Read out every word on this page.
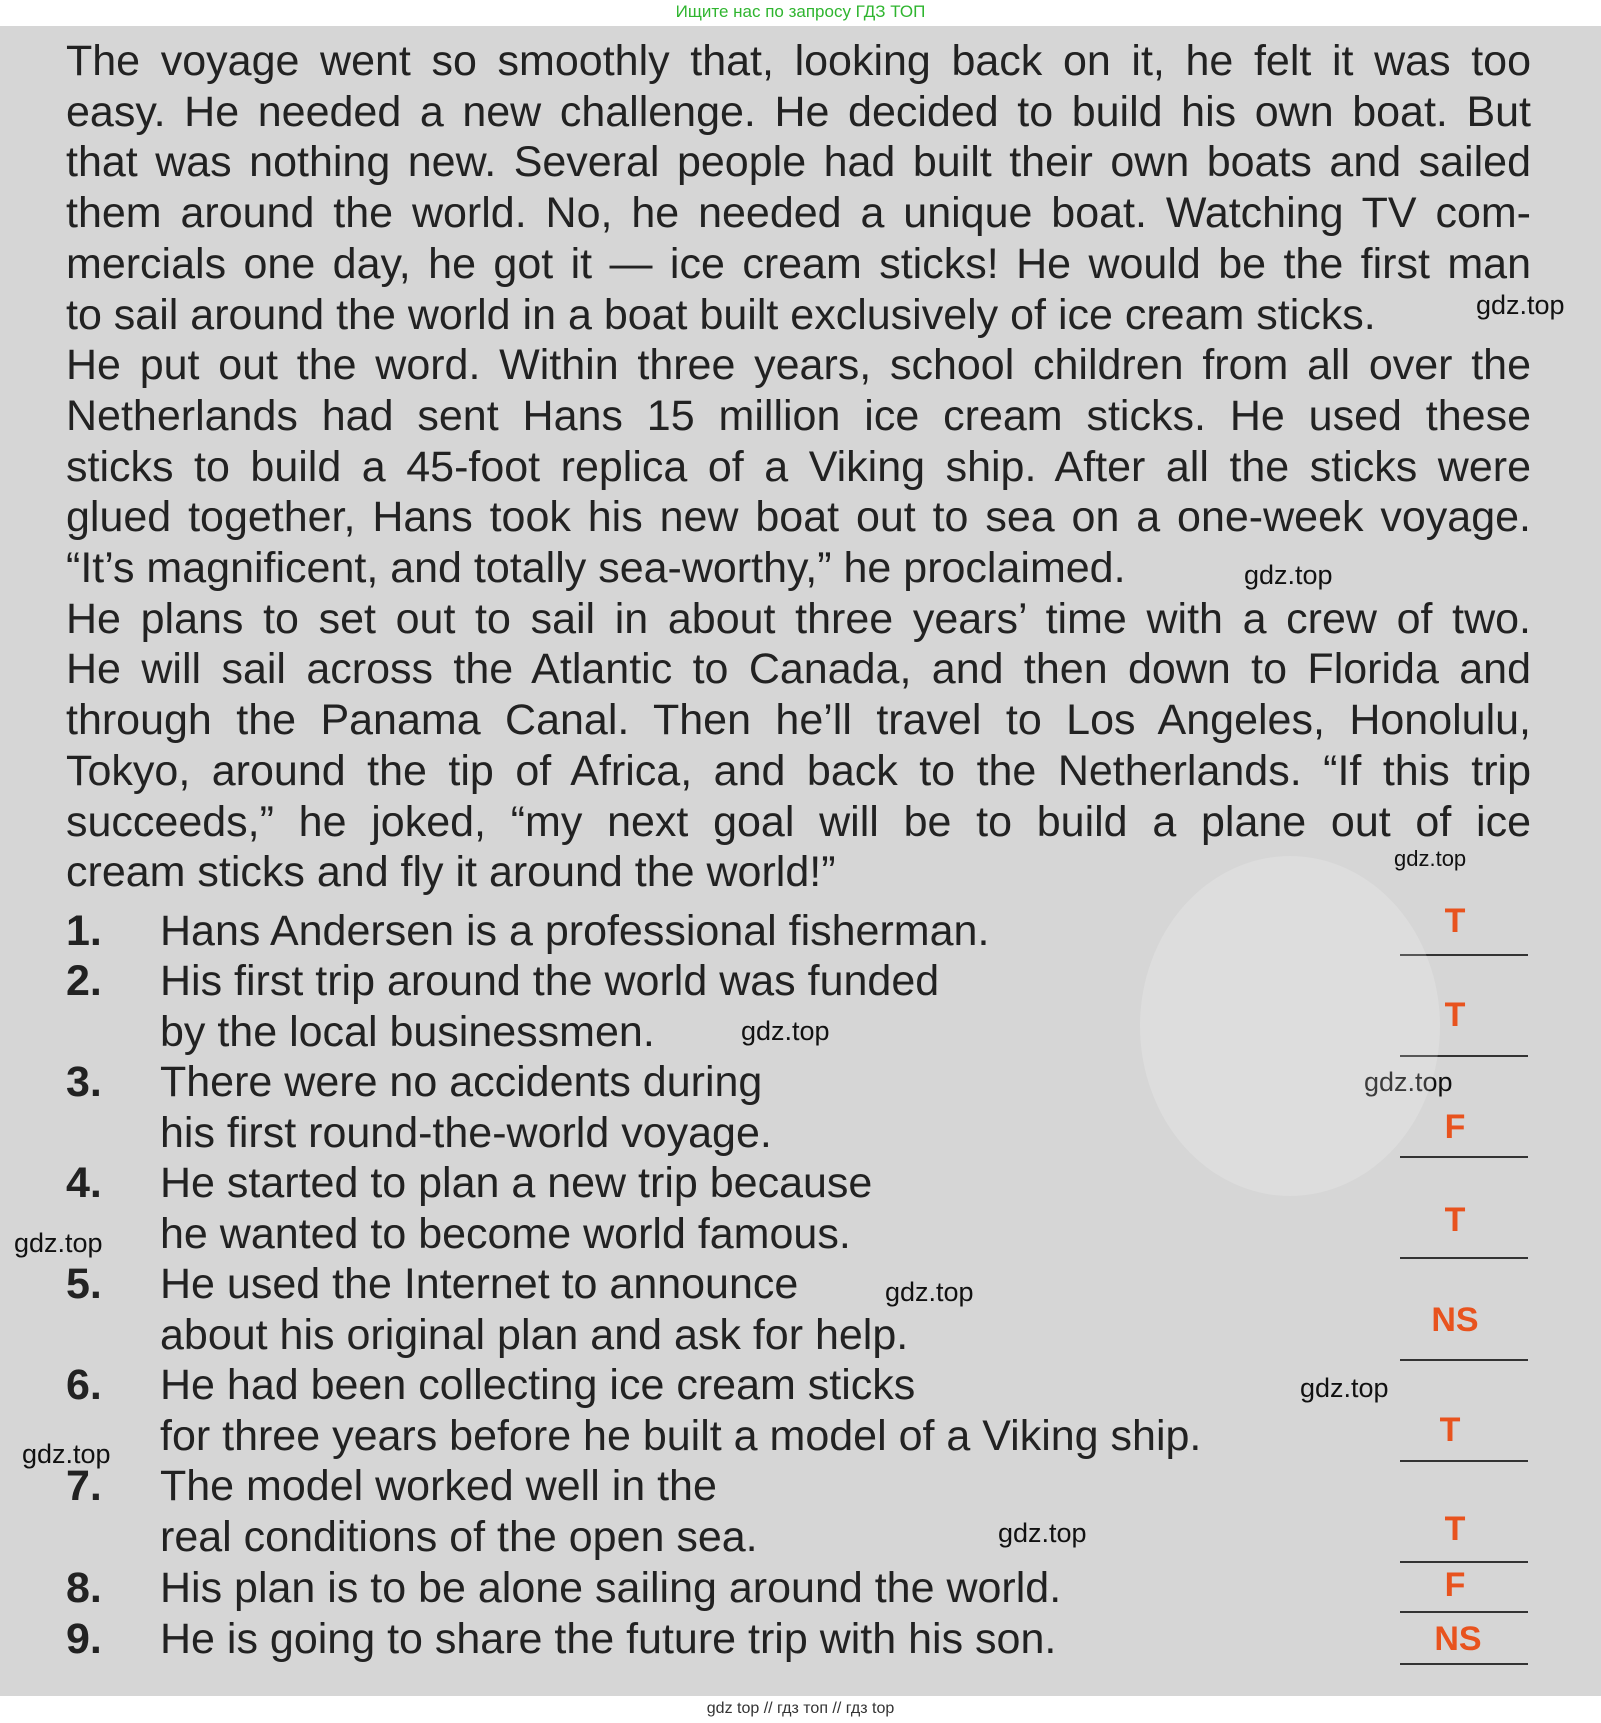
Ищите нас по запросу ГДЗ ТОП
The voyage went so smoothly that, looking back on it, he felt it was too
easy. He needed a new challenge. He decided to build his own boat. But
that was nothing new. Several people had built their own boats and sailed
them around the world. No, he needed a unique boat. Watching TV com-
mercials one day, he got it — ice cream sticks! He would be the first man
to sail around the world in a boat built exclusively of ice cream sticks.
He put out the word. Within three years, school children from all over the
Netherlands had sent Hans 15 million ice cream sticks. He used these
sticks to build a 45-foot replica of a Viking ship. After all the sticks were
glued together, Hans took his new boat out to sea on a one-week voyage.
“It’s magnificent, and totally sea-worthy,” he proclaimed.
He plans to set out to sail in about three years’ time with a crew of two.
He will sail across the Atlantic to Canada, and then down to Florida and
through the Panama Canal. Then he’ll travel to Los Angeles, Honolulu,
Tokyo, around the tip of Africa, and back to the Netherlands. “If this trip
succeeds,” he joked, “my next goal will be to build a plane out of ice
cream sticks and fly it around the world!”
1. Hans Andersen is a professional fisherman.	T
2. His first trip around the world was funded
by the local businessmen.	T
3. There were no accidents during
his first round-the-world voyage.	F
4. He started to plan a new trip because
he wanted to become world famous.	T
5. He used the Internet to announce
about his original plan and ask for help.	NS
6. He had been collecting ice cream sticks
for three years before he built a model of a Viking ship.	T
7. The model worked well in the
real conditions of the open sea.	T
8. His plan is to be alone sailing around the world.	F
9. He is going to share the future trip with his son.	NS
gdz.top
gdz.top
gdz.top
gdz.top
gdz.top
gdz.top
gdz.top
gdz.top
gdz.top
gdz.top
gdz top // гдз топ // гдз top
